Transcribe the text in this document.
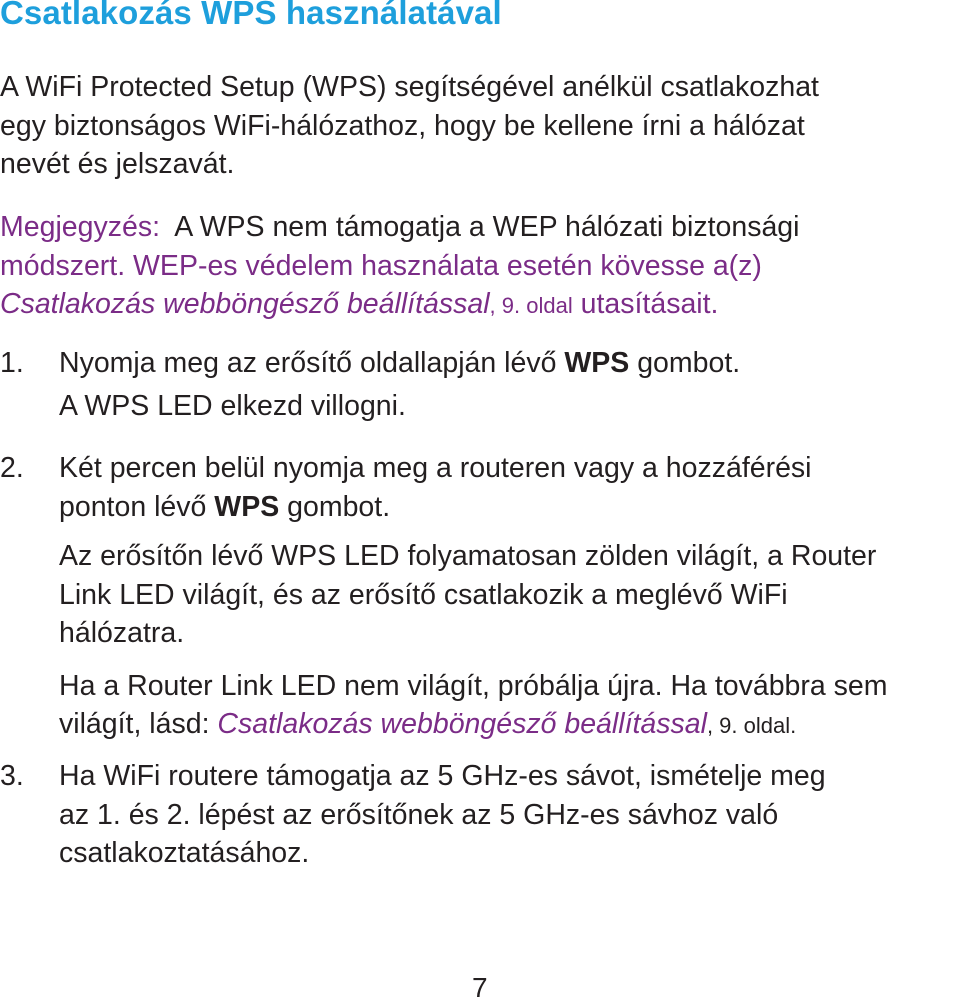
Csatlakozás WPS használatával
A WiFi Protected Setup (WPS) segítségével anélkül csatlakozhat
egy biztonságos WiFi-hálózathoz, hogy be kellene írni a hálózat
nevét és jelszavát.
Megjegyzés: A WPS nem támogatja a WEP hálózati biztonsági
módszert. WEP-es védelem használata esetén kövesse a(z)
Csatlakozás webböngésző beállítással, 9. oldal utasításait.
1. Nyomja meg az erősítő oldallapján lévő WPS gombot.
A WPS LED elkezd villogni.
2. Két percen belül nyomja meg a routeren vagy a hozzáférési
ponton lévő WPS gombot.
Az erősítőn lévő WPS LED folyamatosan zölden világít, a Router
Link LED világít, és az erősítő csatlakozik a meglévő WiFi
hálózatra.
Ha a Router Link LED nem világít, próbálja újra. Ha továbbra sem
világít, lásd: Csatlakozás webböngésző beállítással, 9. oldal.
3. Ha WiFi routere támogatja az 5 GHz-es sávot, ismételje meg
az 1. és 2. lépést az erősítőnek az 5 GHz-es sávhoz való
csatlakoztatásához.
7
